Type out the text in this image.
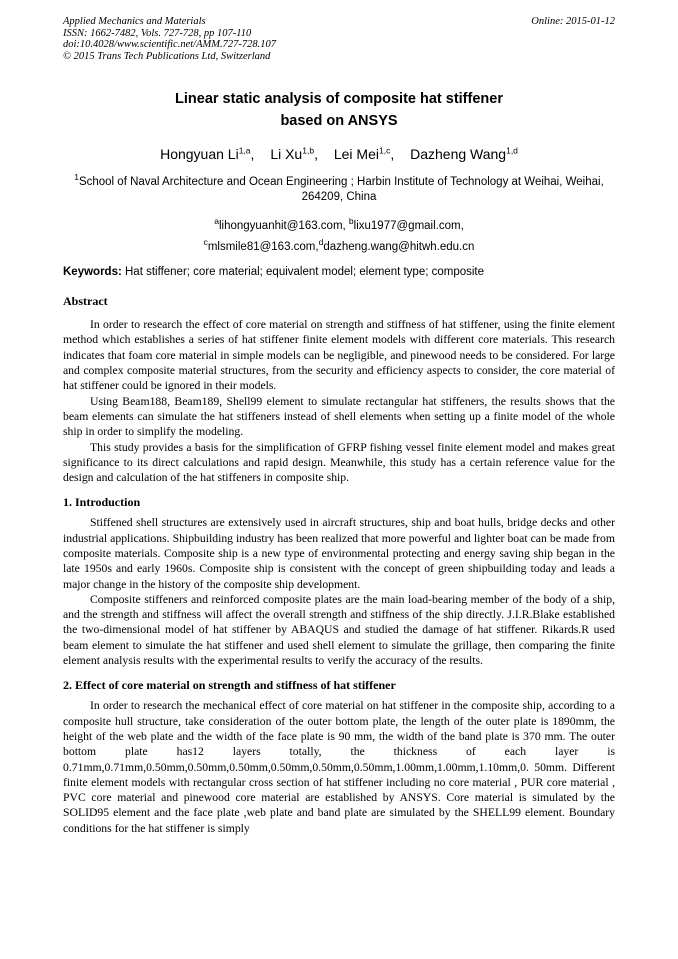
Applied Mechanics and Materials
ISSN: 1662-7482, Vols. 727-728, pp 107-110
doi:10.4028/www.scientific.net/AMM.727-728.107
© 2015 Trans Tech Publications Ltd, Switzerland
Online: 2015-01-12
Linear static analysis of composite hat stiffener
based on ANSYS
Hongyuan Li$^{1,a}$, Li Xu$^{1,b}$, Lei Mei$^{1,c}$, Dazheng Wang$^{1,d}$
$^1$School of Naval Architecture and Ocean Engineering ; Harbin Institute of Technology at Weihai, Weihai, 264209, China
$^a$lihongyuanhit@163.com, $^b$lixu1977@gmail.com,
$^c$mlsmile81@163.com,$^d$dazheng.wang@hitwh.edu.cn
Keywords: Hat stiffener; core material; equivalent model; element type; composite
Abstract

In order to research the effect of core material on strength and stiffness of hat stiffener, using the finite element method which establishes a series of hat stiffener finite element models with different core materials. This research indicates that foam core material in simple models can be negligible, and pinewood needs to be considered. For large and complex composite material structures, from the security and efficiency aspects to consider, the core material of hat stiffener could be ignored in their models.

Using Beam188, Beam189, Shell99 element to simulate rectangular hat stiffeners, the results shows that the beam elements can simulate the hat stiffeners instead of shell elements when setting up a finite model of the whole ship in order to simplify the modeling.

This study provides a basis for the simplification of GFRP fishing vessel finite element model and makes great significance to its direct calculations and rapid design. Meanwhile, this study has a certain reference value for the design and calculation of the hat stiffeners in composite ship.

1. Introduction

Stiffened shell structures are extensively used in aircraft structures, ship and boat hulls, bridge decks and other industrial applications. Shipbuilding industry has been realized that more powerful and lighter boat can be made from composite materials. Composite ship is a new type of environmental protecting and energy saving ship began in the late 1950s and early 1960s. Composite ship is consistent with the concept of green shipbuilding today and leads a major change in the history of the composite ship development.

Composite stiffeners and reinforced composite plates are the main load-bearing member of the body of a ship, and the strength and stiffness will affect the overall strength and stiffness of the ship directly. J.I.R.Blake established the two-dimensional model of hat stiffener by ABAQUS and studied the damage of hat stiffener. Rikards.R used beam element to simulate the hat stiffener and used shell element to simulate the grillage, then comparing the finite element analysis results with the experimental results to verify the accuracy of the results.

2. Effect of core material on strength and stiffness of hat stiffener

In order to research the mechanical effect of core material on hat stiffener in the composite ship, according to a composite hull structure, take consideration of the outer bottom plate, the length of the outer plate is 1890mm, the height of the web plate and the width of the face plate is 90 mm, the width of the band plate is 370 mm. The outer bottom plate has12 layers totally, the thickness of each layer is 0.71mm,0.71mm,0.50mm,0.50mm,0.50mm,0.50mm,0.50mm,0.50mm,1.00mm,1.00mm,1.10mm,0. 50mm. Different finite element models with rectangular cross section of hat stiffener including no core material , PUR core material , PVC core material and pinewood core material are established by ANSYS. Core material is simulated by the SOLID95 element and the face plate ,web plate and band plate are simulated by the SHELL99 element. Boundary conditions for the hat stiffener is simply
